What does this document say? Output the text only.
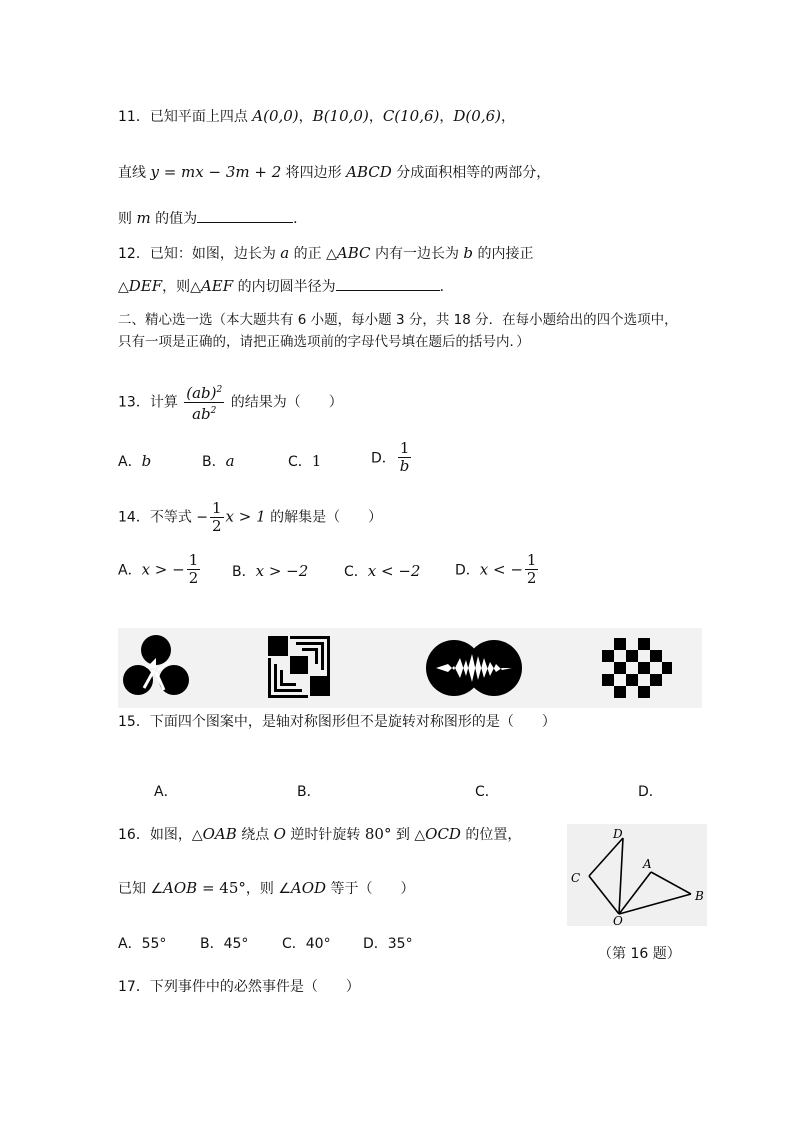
11．已知平面上四点 A(0,0)，B(10,0)，C(10,6)，D(0,6)，
直线 y = mx − 3m + 2 将四边形 ABCD 分成面积相等的两部分，
则 m 的值为	．
12．已知：如图，边长为 a 的正 △ABC 内有一边长为 b 的内接正
△DEF，则△AEF 的内切圆半径为	．
二、精心选一选（本大题共有 6 小题，每小题 3 分，共 18 分．在每小题给出的四个选项中，
只有一项是正确的，请把正确选项前的字母代号填在题后的括号内．）
13．计算 $\frac{(ab)^2}{ab^2}$ 的结果为（　　）
A．b	B．a	C．1	D． $\frac{1}{b}$
14．不等式 − $\frac{1}{2}$ x > 1 的解集是（　　）
A．x > − $\frac{1}{2}$ B．x > −2	C．x < −2 D．x < − $\frac{1}{2}$
15．下面四个图案中，是轴对称图形但不是旋转对称图形的是（　　）
A．	B．	C．	D．
16．如图，△OAB 绕点 O 逆时针旋转 80° 到 △OCD 的位置，
已知 ∠AOB = 45°，则 ∠AOD 等于（　　）
A．55° B．45° C．40° D．35°
D
A
C
B
O
（第 16 题）
17．下列事件中的必然事件是（　　）
